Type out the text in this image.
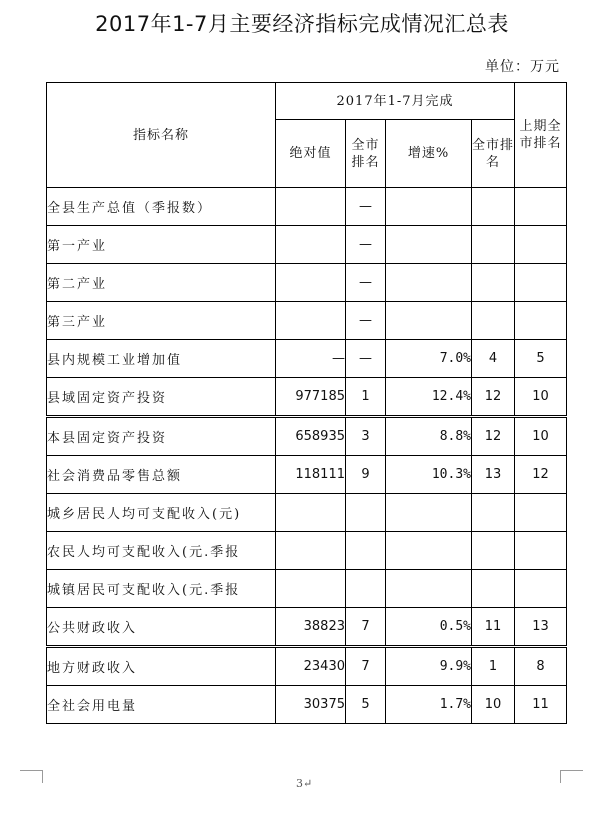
2017年1-7月主要经济指标完成情况汇总表
单位：万元
指标名称	2017年1-7月完成				上期全市排名
	绝对值	全市排名	增速%	全市排名	
全县生产总值（季报数）		—			
第一产业		—			
第二产业		—			
第三产业		—			
县内规模工业增加值	—	—	7.0%	4	5
县域固定资产投资	977185	1	12.4%	12	10
本县固定资产投资	658935	3	8.8%	12	10
社会消费品零售总额	118111	9	10.3%	13	12
城乡居民人均可支配收入(元)					
农民人均可支配收入(元.季报					
城镇居民可支配收入(元.季报					
公共财政收入	38823	7	0.5%	11	13
地方财政收入	23430	7	9.9%	1	8
全社会用电量	30375	5	1.7%	10	11
3↵
